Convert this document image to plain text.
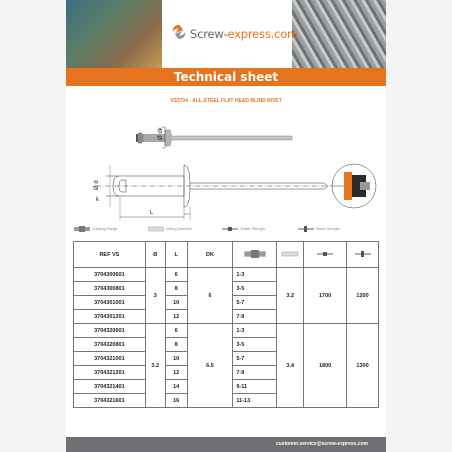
Screw-express.com
Technical sheet
VS3704 - ALL-STEEL FLAT HEAD BLIND RIVET
Ø dk
Ø d
k
L
Crimping Range	Drilling Diameter	Tensile Strength	Shear Strength
REF VS	Ø	L	DK				
3704300601	3	6	6	1-3	3.2	1700	1200
3704300801		8		3-5			
3704301001		10		5-7			
3704301201		12		7-9			
3704320601	3.2	6	6.5	1-3	3.4	1800	1300
3704320801		8		3-5			
3704321001		10		5-7			
3704321201		12		7-9			
3704321401		14		9-11			
3704321601		16		11-13			
customer.service@screw-express.com
